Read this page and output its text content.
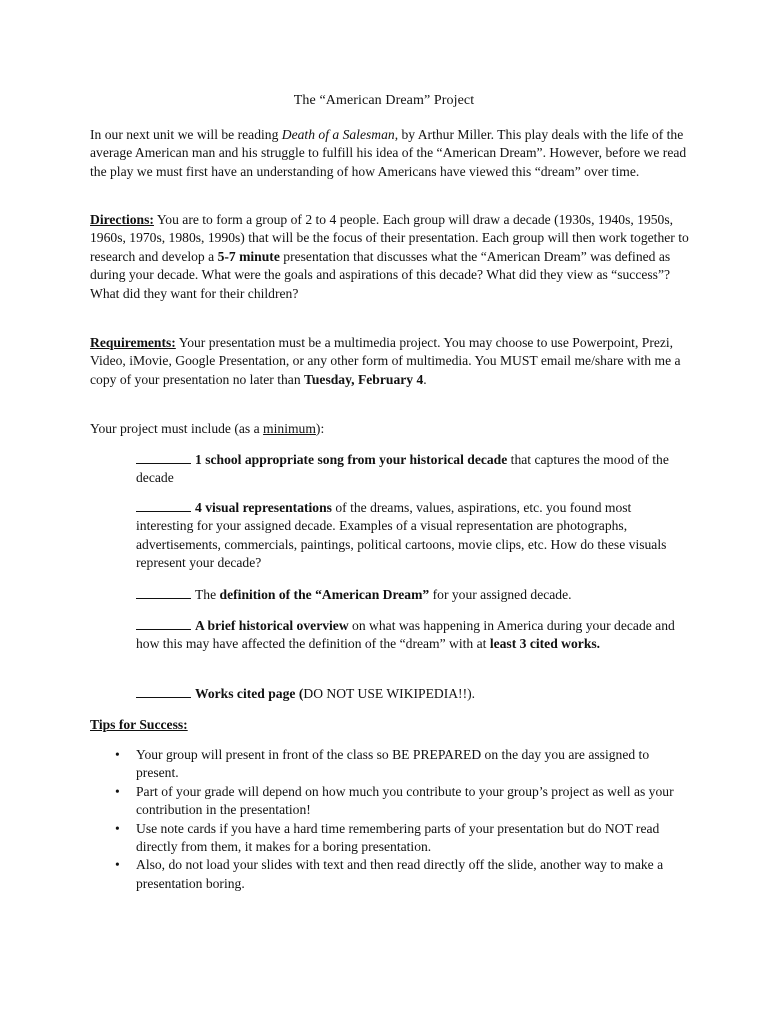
The “American Dream” Project

In our next unit we will be reading Death of a Salesman, by Arthur Miller. This play deals with the life of the average American man and his struggle to fulfill his idea of the “American Dream”. However, before we read the play we must first have an understanding of how Americans have viewed this “dream” over time.

Directions: You are to form a group of 2 to 4 people. Each group will draw a decade (1930s, 1940s, 1950s, 1960s, 1970s, 1980s, 1990s) that will be the focus of their presentation. Each group will then work together to research and develop a 5-7 minute presentation that discusses what the “American Dream” was defined as during your decade. What were the goals and aspirations of this decade? What did they view as “success”? What did they want for their children?

Requirements: Your presentation must be a multimedia project. You may choose to use Powerpoint, Prezi, Video, iMovie, Google Presentation, or any other form of multimedia. You MUST email me/share with me a copy of your presentation no later than Tuesday, February 4.

Your project must include (as a minimum):

1 school appropriate song from your historical decade that captures the mood of the decade

4 visual representations of the dreams, values, aspirations, etc. you found most interesting for your assigned decade. Examples of a visual representation are photographs, advertisements, commercials, paintings, political cartoons, movie clips, etc. How do these visuals represent your decade?

The definition of the “American Dream” for your assigned decade.

A brief historical overview on what was happening in America during your decade and how this may have affected the definition of the “dream” with at least 3 cited works.

Works cited page (DO NOT USE WIKIPEDIA!!).

Tips for Success:

• Your group will present in front of the class so BE PREPARED on the day you are assigned to present.
• Part of your grade will depend on how much you contribute to your group’s project as well as your contribution in the presentation!
• Use note cards if you have a hard time remembering parts of your presentation but do NOT read directly from them, it makes for a boring presentation.
• Also, do not load your slides with text and then read directly off the slide, another way to make a presentation boring.
